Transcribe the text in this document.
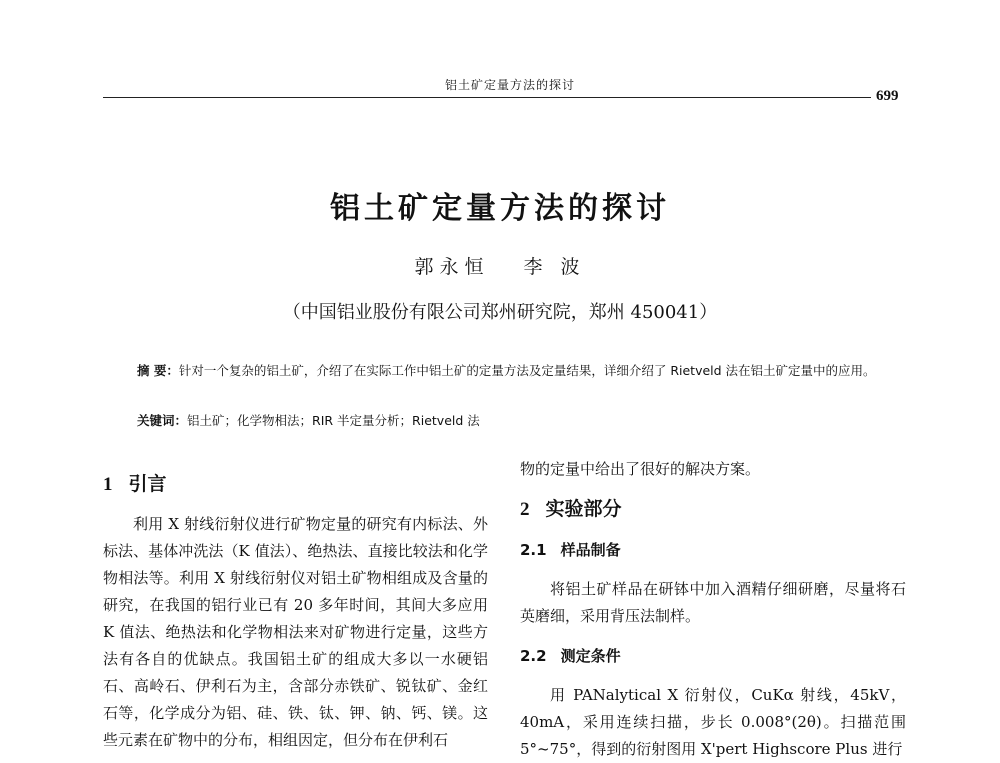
铝土矿定量方法的探讨
699
铝土矿定量方法的探讨
郭永恒 李 波
（中国铝业股份有限公司郑州研究院，郑州 450041）
摘 要：针对一个复杂的铝土矿，介绍了在实际工作中铝土矿的定量方法及定量结果，详细介绍了 Rietveld 法在铝土矿定量中的应用。
关键词：铝土矿；化学物相法；RIR 半定量分析；Rietveld 法
1 引言

利用 X 射线衍射仪进行矿物定量的研究有内标法、外标法、基体冲洗法（K 值法）、绝热法、直接比较法和化学物相法等。利用 X 射线衍射仪对铝土矿物相组成及含量的研究，在我国的铝行业已有 20 多年时间，其间大多应用 K 值法、绝热法和化学物相法来对矿物进行定量，这些方法有各自的优缺点。我国铝土矿的组成大多以一水硬铝石、高岭石、伊利石为主，含部分赤铁矿、锐钛矿、金红石等，化学成分为铝、硅、铁、钛、钾、钠、钙、镁。这些元素在矿物中的分布，相组因定，但分布在伊利石

物的定量中给出了很好的解决方案。

2 实验部分
2.1 样品制备

将铝土矿样品在研钵中加入酒精仔细研磨，尽量将石英磨细，采用背压法制样。

2.2 测定条件

用 PANalytical X 衍射仪，CuKα 射线，45kV，40mA，采用连续扫描，步长 0.008°(2θ)。扫描范围 5°~75°，得到的衍射图用 X'pert Highscore Plus 进行
